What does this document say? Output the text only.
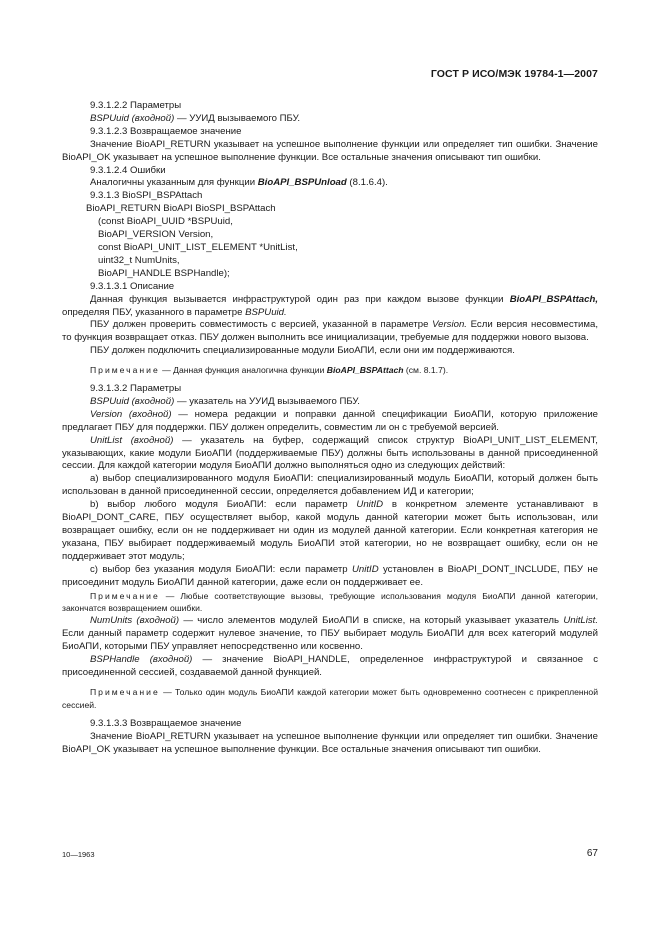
ГОСТ Р ИСО/МЭК 19784-1—2007

9.3.1.2.2 Параметры

BSPUuid (входной) — УУИД вызываемого ПБУ.

9.3.1.2.3 Возвращаемое значение

Значение BioAPI_RETURN указывает на успешное выполнение функции или определяет тип ошибки. Значение BioAPI_OK указывает на успешное выполнение функции. Все остальные значения описывают тип ошибки.

9.3.1.2.4 Ошибки

Аналогичны указанным для функции BioAPI_BSPUnload (8.1.6.4).

9.3.1.3 BioSPI_BSPAttach

BioAPI_RETURN BioAPI BioSPI_BSPAttach

(const BioAPI_UUID *BSPUuid,

BioAPI_VERSION Version,

const BioAPI_UNIT_LIST_ELEMENT *UnitList,

uint32_t NumUnits,

BioAPI_HANDLE BSPHandle);

9.3.1.3.1 Описание

Данная функция вызывается инфраструктурой один раз при каждом вызове функции BioAPI_BSPAttach, определяя ПБУ, указанного в параметре BSPUuid.

ПБУ должен проверить совместимость с версией, указанной в параметре Version. Если версия несовместима, то функция возвращает отказ. ПБУ должен выполнить все инициализации, требуемые для поддержки нового вызова.

ПБУ должен подключить специализированные модули БиоАПИ, если они им поддерживаются.

Примечание — Данная функция аналогична функции BioAPI_BSPAttach (см. 8.1.7).

9.3.1.3.2 Параметры

BSPUuid (входной) — указатель на УУИД вызываемого ПБУ.

Version (входной) — номера редакции и поправки данной спецификации БиоАПИ, которую приложение предлагает ПБУ для поддержки. ПБУ должен определить, совместим ли он с требуемой версией.

UnitList (входной) — указатель на буфер, содержащий список структур BioAPI_UNIT_LIST_ELEMENT, указывающих, какие модули БиоАПИ (поддерживаемые ПБУ) должны быть использованы в данной присоединенной сессии. Для каждой категории модуля БиоАПИ должно выполняться одно из следующих действий:

а) выбор специализированного модуля БиоАПИ: специализированный модуль БиоАПИ, который должен быть использован в данной присоединенной сессии, определяется добавлением ИД и категории;

b) выбор любого модуля БиоАПИ: если параметр UnitID в конкретном элементе устанавливают в BioAPI_DONT_CARE, ПБУ осуществляет выбор, какой модуль данной категории может быть использован, или возвращает ошибку, если он не поддерживает ни один из модулей данной категории. Если конкретная категория не указана, ПБУ выбирает поддерживаемый модуль БиоАПИ этой категории, но не возвращает ошибку, если он не поддерживает этот модуль;

c) выбор без указания модуля БиоАПИ: если параметр UnitID установлен в BioAPI_DONT_INCLUDE, ПБУ не присоединит модуль БиоАПИ данной категории, даже если он поддерживает ее.

Примечание — Любые соответствующие вызовы, требующие использования модуля БиоАПИ данной категории, закончатся возвращением ошибки.

NumUnits (входной) — число элементов модулей БиоАПИ в списке, на который указывает указатель UnitList. Если данный параметр содержит нулевое значение, то ПБУ выбирает модуль БиоАПИ для всех категорий модулей БиоАПИ, которыми ПБУ управляет непосредственно или косвенно.

BSPHandle (входной) — значение BioAPI_HANDLE, определенное инфраструктурой и связанное с присоединенной сессией, создаваемой данной функцией.

Примечание — Только один модуль БиоАПИ каждой категории может быть одновременно соотнесен с прикрепленной сессией.

9.3.1.3.3 Возвращаемое значение

Значение BioAPI_RETURN указывает на успешное выполнение функции или определяет тип ошибки. Значение BioAPI_OK указывает на успешное выполнение функции. Все остальные значения описывают тип ошибки.

10—1963	67
